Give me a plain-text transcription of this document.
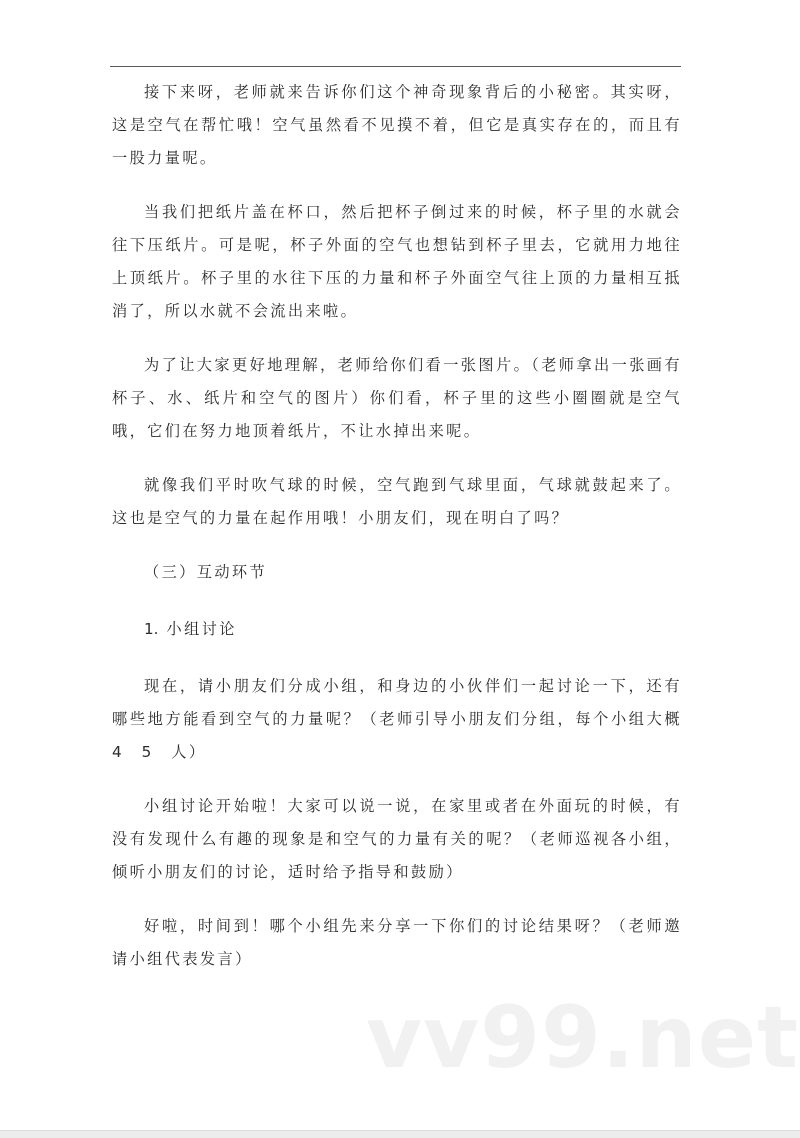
接下来呀，老师就来告诉你们这个神奇现象背后的小秘密。其实呀，这是空气在帮忙哦！空气虽然看不见摸不着，但它是真实存在的，而且有一股力量呢。

当我们把纸片盖在杯口，然后把杯子倒过来的时候，杯子里的水就会往下压纸片。可是呢，杯子外面的空气也想钻到杯子里去，它就用力地往上顶纸片。杯子里的水往下压的力量和杯子外面空气往上顶的力量相互抵消了，所以水就不会流出来啦。

为了让大家更好地理解，老师给你们看一张图片。（老师拿出一张画有杯子、水、纸片和空气的图片）你们看，杯子里的这些小圈圈就是空气哦，它们在努力地顶着纸片，不让水掉出来呢。

就像我们平时吹气球的时候，空气跑到气球里面，气球就鼓起来了。这也是空气的力量在起作用哦！小朋友们，现在明白了吗？

（三）互动环节

1. 小组讨论

现在，请小朋友们分成小组，和身边的小伙伴们一起讨论一下，还有哪些地方能看到空气的力量呢？（老师引导小朋友们分组，每个小组大概　4　5　人）

小组讨论开始啦！大家可以说一说，在家里或者在外面玩的时候，有没有发现什么有趣的现象是和空气的力量有关的呢？（老师巡视各小组，倾听小朋友们的讨论，适时给予指导和鼓励）

好啦，时间到！哪个小组先来分享一下你们的讨论结果呀？（老师邀请小组代表发言）

vv99.net
